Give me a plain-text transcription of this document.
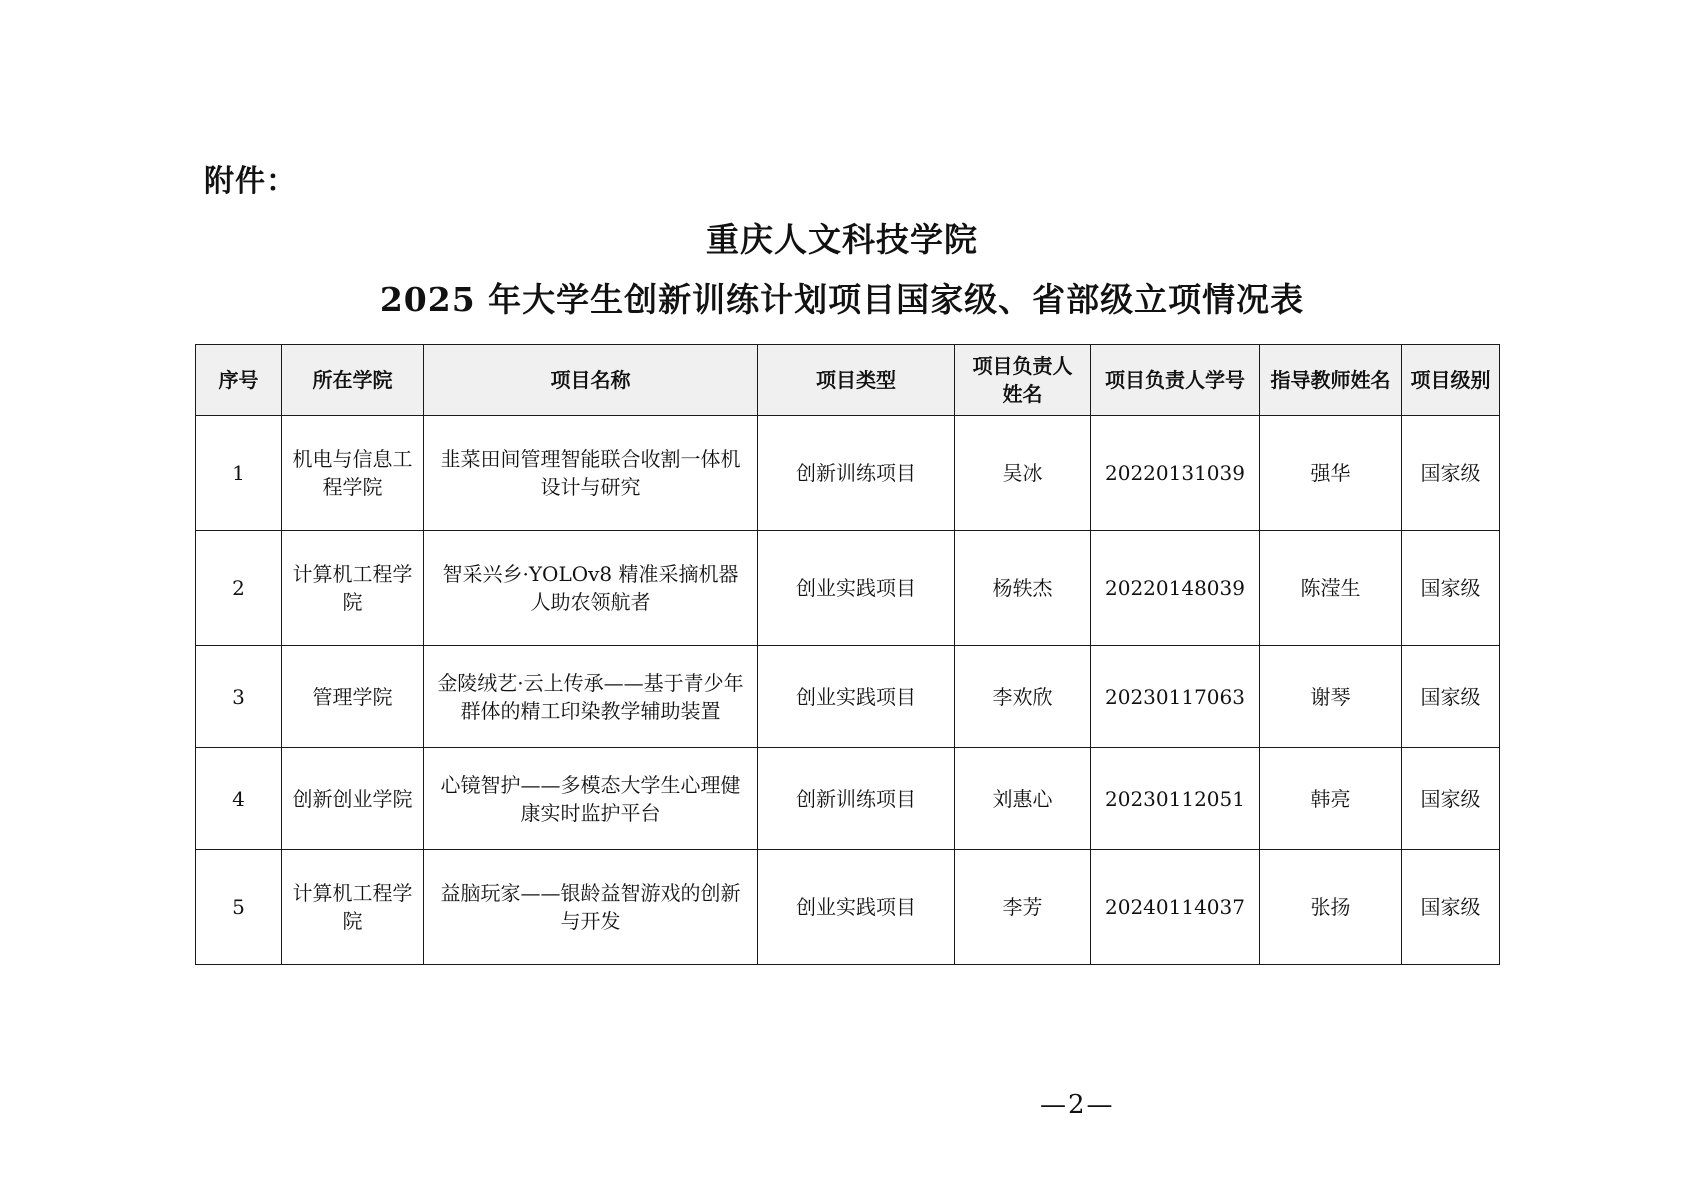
附件：
重庆人文科技学院
2025 年大学生创新训练计划项目国家级、省部级立项情况表
序号	所在学院	项目名称	项目类型	项目负责人姓名	项目负责人学号	指导教师姓名	项目级别
1	机电与信息工程学院	韭菜田间管理智能联合收割一体机设计与研究	创新训练项目	吴冰	20220131039	强华	国家级
2	计算机工程学院	智采兴乡·YOLOv8 精准采摘机器人助农领航者	创业实践项目	杨轶杰	20220148039	陈滢生	国家级
3	管理学院	金陵绒艺·云上传承——基于青少年群体的精工印染教学辅助装置	创业实践项目	李欢欣	20230117063	谢琴	国家级
4	创新创业学院	心镜智护——多模态大学生心理健康实时监护平台	创新训练项目	刘惠心	20230112051	韩亮	国家级
5	计算机工程学院	益脑玩家——银龄益智游戏的创新与开发	创业实践项目	李芳	20240114037	张扬	国家级
—2—
